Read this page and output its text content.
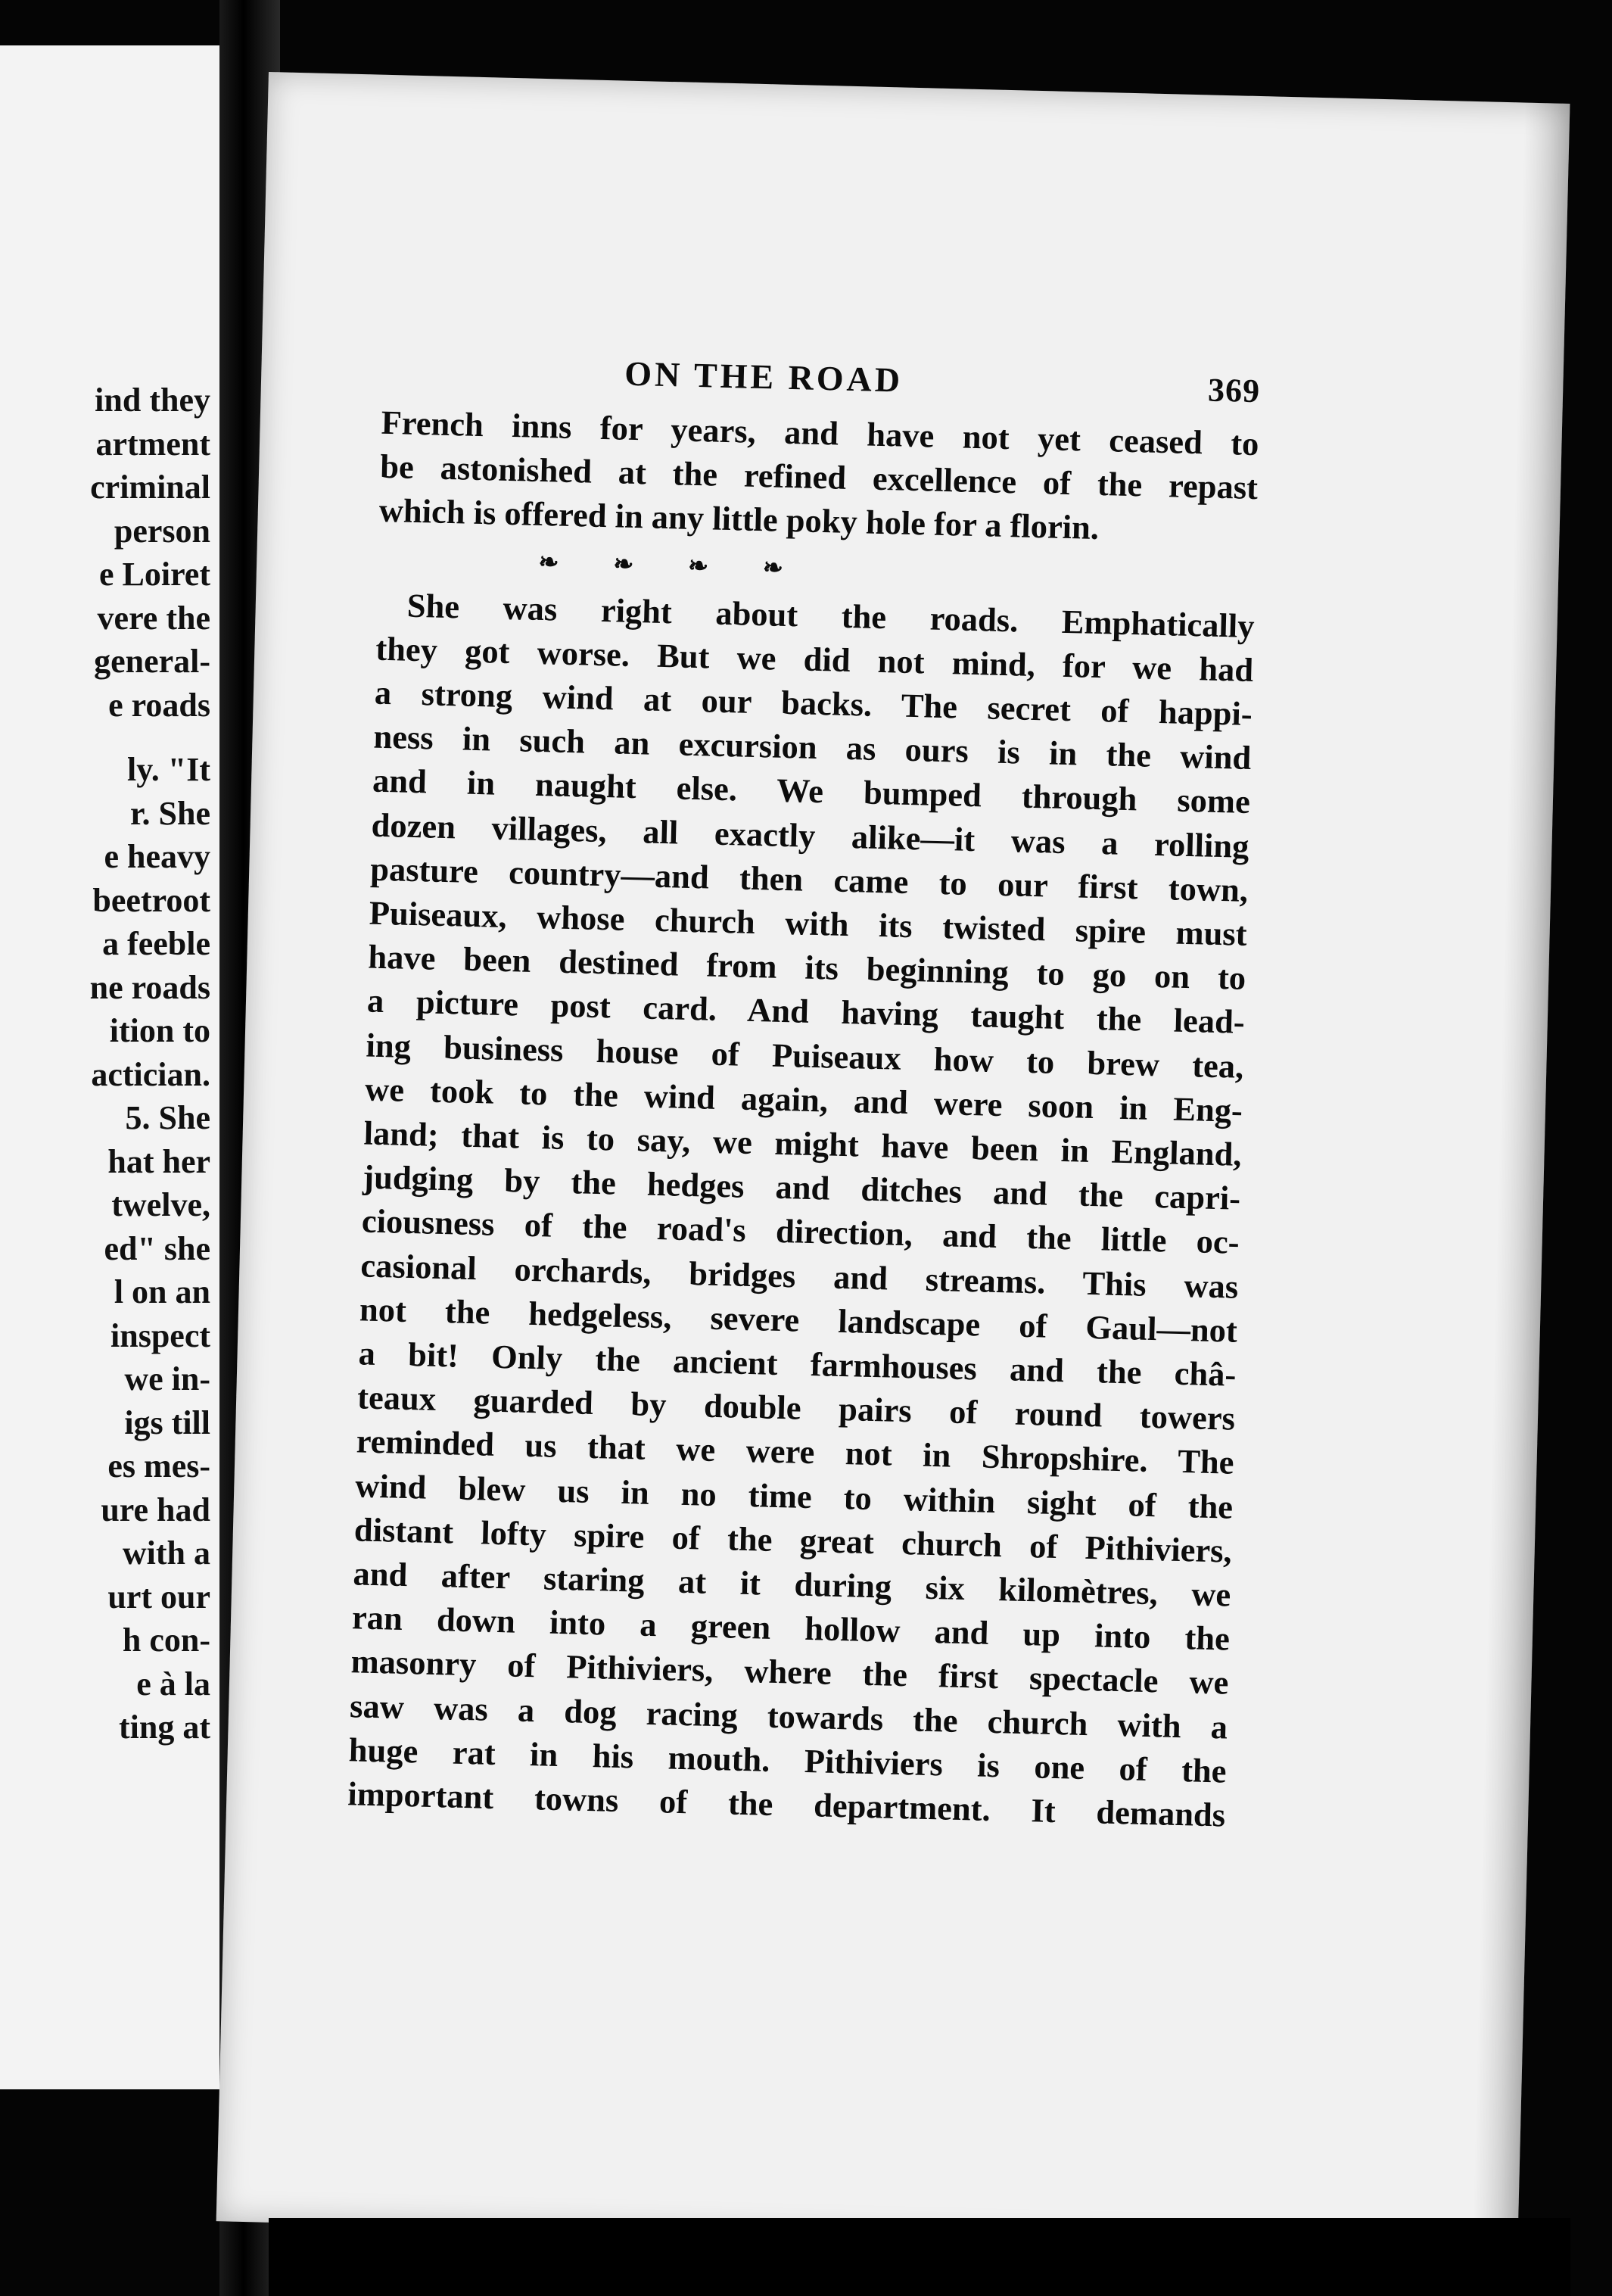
ind they
artment
criminal
person
e Loiret
vere the
general-
e roads
ly. "It
r. She
e heavy
beetroot
a feeble
ne roads
ition to
actician.
5. She
hat her
twelve,
ed" she
l on an
inspect
we in-
igs till
es mes-
ure had
with a
urt our
h con-
e à la
ting at
ON THE ROAD	369

French inns for years, and have not yet ceased to
be astonished at the refined excellence of the repast
which is offered in any little poky hole for a florin.

❧ ❧ ❧ ❧

She was right about the roads. Emphatically
they got worse. But we did not mind, for we had
a strong wind at our backs. The secret of happi-
ness in such an excursion as ours is in the wind
and in naught else. We bumped through some
dozen villages, all exactly alike—it was a rolling
pasture country—and then came to our first town,
Puiseaux, whose church with its twisted spire must
have been destined from its beginning to go on to
a picture post card. And having taught the lead-
ing business house of Puiseaux how to brew tea,
we took to the wind again, and were soon in Eng-
land; that is to say, we might have been in England,
judging by the hedges and ditches and the capri-
ciousness of the road's direction, and the little oc-
casional orchards, bridges and streams. This was
not the hedgeless, severe landscape of Gaul—not
a bit! Only the ancient farmhouses and the châ-
teaux guarded by double pairs of round towers
reminded us that we were not in Shropshire. The
wind blew us in no time to within sight of the
distant lofty spire of the great church of Pithiviers,
and after staring at it during six kilomètres, we
ran down into a green hollow and up into the
masonry of Pithiviers, where the first spectacle we
saw was a dog racing towards the church with a
huge rat in his mouth. Pithiviers is one of the
important towns of the department. It demands
